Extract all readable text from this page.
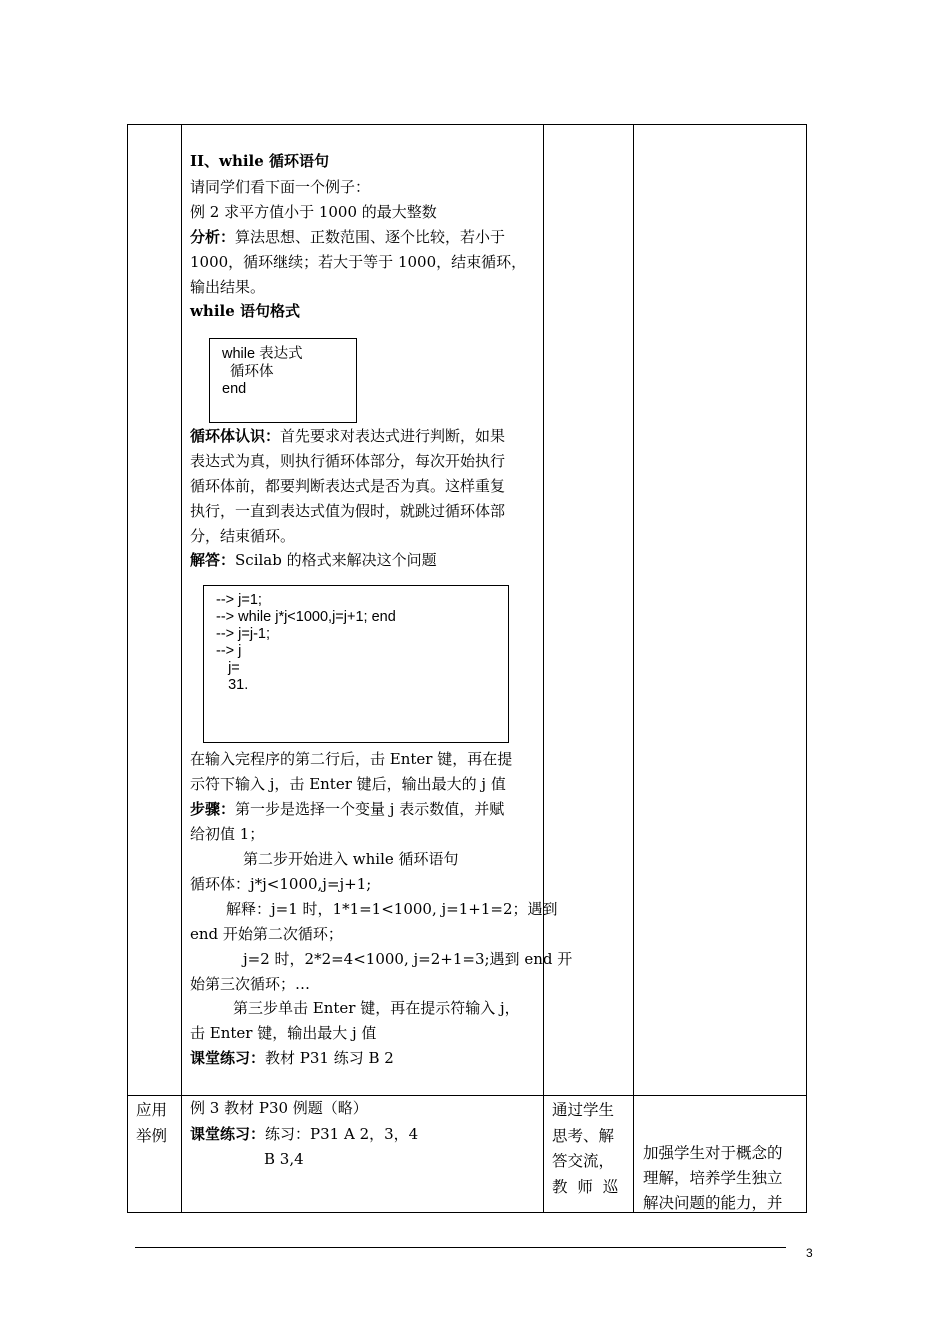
II、while 循环语句
请同学们看下面一个例子：
例 2 求平方值小于 1000 的最大整数
分析：算法思想、正数范围、逐个比较，若小于
1000，循环继续；若大于等于 1000，结束循环，
输出结果。
while 语句格式
while 表达式
循环体
end
循环体认识：首先要求对表达式进行判断，如果
表达式为真，则执行循环体部分，每次开始执行
循环体前，都要判断表达式是否为真。这样重复
执行，一直到表达式值为假时，就跳过循环体部
分，结束循环。
解答：Scilab 的格式来解决这个问题
--> j=1;
--> while j*j<1000,j=j+1; end
--> j=j-1;
--> j
j=
31.
在输入完程序的第二行后，击 Enter 键，再在提
示符下输入 j，击 Enter 键后，输出最大的 j 值
步骤：第一步是选择一个变量 j 表示数值，并赋
给初值 1；
第二步开始进入 while 循环语句
循环体：j*j<1000,j=j+1;
解释：j=1 时，1*1=1<1000, j=1+1=2；遇到
end 开始第二次循环；
j=2 时，2*2=4<1000, j=2+1=3;遇到 end 开
始第三次循环；…
第三步单击 Enter 键，再在提示符输入 j，
击 Enter 键，输出最大 j 值
课堂练习：教材 P31 练习 B 2
应用
举例
例 3 教材 P30 例题（略）
课堂练习：练习：P31 A 2，3，4
B 3,4
通过学生
思考、解
答交流，
教  师  巡
加强学生对于概念的
理解，培养学生独立
解决问题的能力，并
3
